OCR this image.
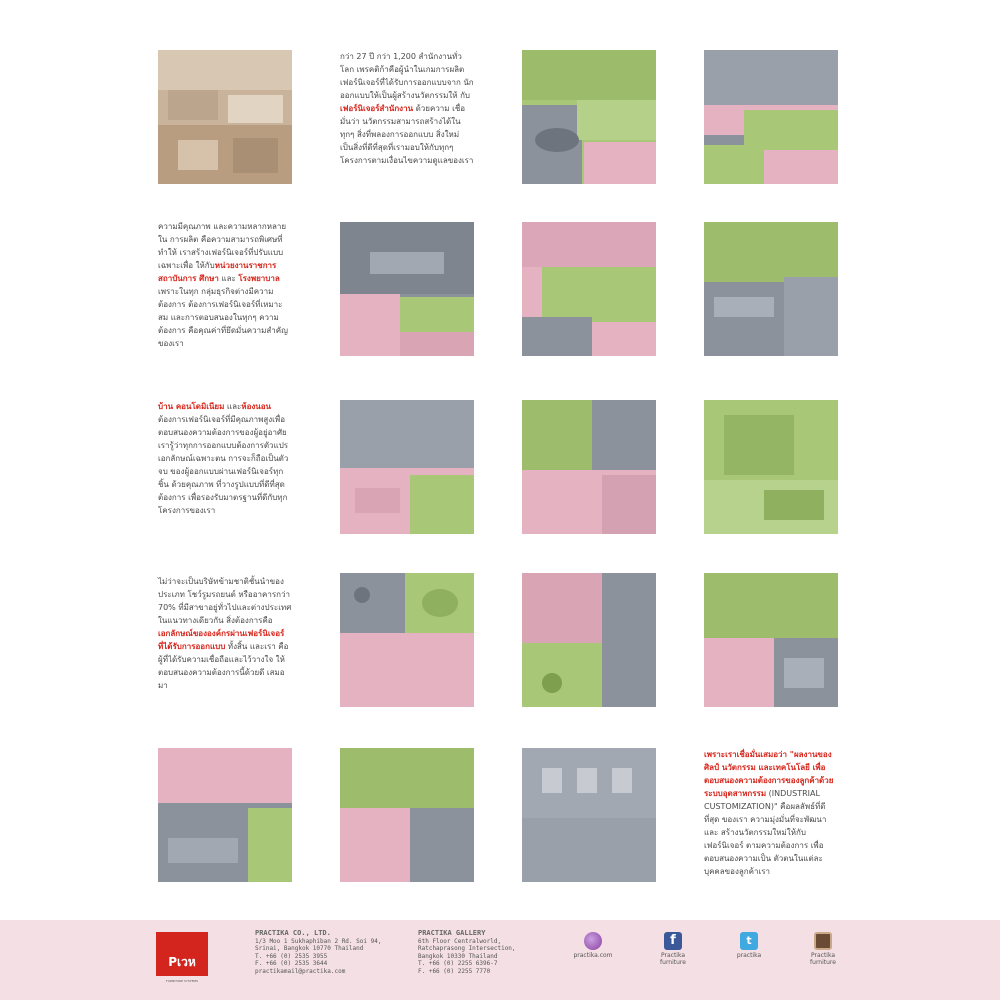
กว่า 27 ปี กว่า 1,200 สำนักงานทั่วโลก เพรคติก้าคือผู้นำในเกมการผลิต เฟอร์นิเจอร์ที่ได้รับการออกแบบจาก นักออกแบบให้เป็นผู้สร้างนวัตกรรมให้ กับเฟอร์นิเจอร์สำนักงาน ด้วยความ เชื่อมั่นว่า นวัตกรรมสามารถสร้างได้ใน ทุกๆ สิ่งที่พลองการออกแบบ สิ่งใหม่ เป็นสิ่งที่ดีที่สุดที่เรามอบให้กับทุกๆ โครงการตามเงื่อนไขความดูแลของเรา
ความมีคุณภาพ และความหลากหลายใน การผลิต คือความสามารถพิเศษที่ทำให้ เราสร้างเฟอร์นิเจอร์ที่ปรับแบบเฉพาะเพื่อ ให้กับหน่วยงานราชการ สถาบันการ ศึกษา และ โรงพยาบาล เพราะในทุก กลุ่มธุรกิจต่างมีความต้องการ ต้องการเฟอร์นิเจอร์ที่เหมาะสม และการตอบสนองในทุกๆ ความต้องการ คือคุณค่าที่ยึดมั่นความสำคัญของเรา
บ้าน คอนโดมิเนียม และห้องนอน ต้องการเฟอร์นิเจอร์ที่มีคุณภาพสูงเพื่อ ตอบสนองความต้องการของผู้อยู่อาศัย เรารู้ว่าทุกการออกแบบต้องการตัวแปร เอกลักษณ์เฉพาะตน การจะก็ถือเป็นตัวจบ ของผู้ออกแบบผ่านเฟอร์นิเจอร์ทุกชิ้น ด้วยคุณภาพ ที่วางรูปแบบที่ดีที่สุด ต้องการ เพื่อรองรับมาตรฐานที่ดีกับทุก โครงการของเรา
ไม่ว่าจะเป็นบริษัทข้ามชาติชั้นนำของ ประเภท โชว์รูมรถยนต์ หรืออาคารกว่า 70% ที่มีสาขาอยู่ทั่วไปและต่างประเทศ ในแนวทางเดียวกัน สิ่งต้องการคือ เอกลักษณ์ขององค์กรผ่านเฟอร์นิเจอร์ ที่ได้รับการออกแบบ ทั้งสิ้น และเรา คือผู้ที่ได้รับความเชื่อถือและไว้วางใจ ให้ตอบสนองความต้องการนี้ด้วยดี เสมอมา
เพราะเราเชื่อมั่นเสมอว่า "ผลงานของ ศิลป์ นวัตกรรม และเทคโนโลยี เพื่อ ตอบสนองความต้องการของลูกค้าด้วย ระบบอุตสาหกรรม (INDUSTRIAL CUSTOMIZATION)" คือผลลัพธ์ที่ดีที่สุด ของเรา ความมุ่งมั่นที่จะพัฒนาและ สร้างนวัตกรรมใหม่ให้กับเฟอร์นิเจอร์ ตามความต้องการ เพื่อตอบสนองความเป็น ตัวตนในแต่ละบุคคลของลูกค้าเรา
Pเวห
FURNITURE SYSTEMS
PRACTIKA CO., LTD.
1/3 Moo 1 Sukhaphiban 2 Rd. Soi 94,
Srinai, Bangkok 10770 Thailand
T. +66 (0) 2535 3955
F. +66 (0) 2535 3644
practikamail@practika.com
PRACTIKA GALLERY
6th Floor Centralworld,
Ratchaprasong Intersection,
Bangkok 10330 Thailand
T. +66 (0) 2255 6396-7
F. +66 (0) 2255 7770
practika.com
f
Practika furniture
t
practika	Practika furniture
